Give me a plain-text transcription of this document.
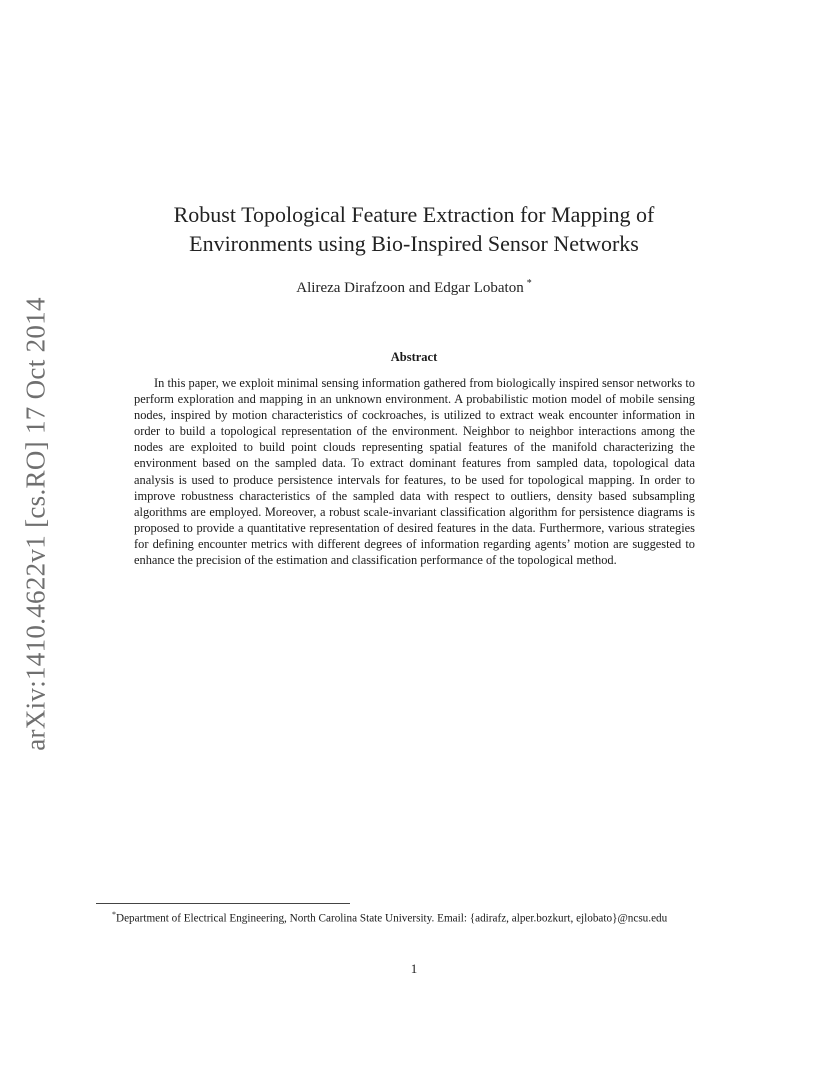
arXiv:1410.4622v1 [cs.RO] 17 Oct 2014
Robust Topological Feature Extraction for Mapping of
Environments using Bio-Inspired Sensor Networks
Alireza Dirafzoon and Edgar Lobaton *
Abstract
In this paper, we exploit minimal sensing information gathered from biologically inspired sensor networks to perform exploration and mapping in an unknown environment. A probabilistic motion model of mobile sensing nodes, inspired by motion characteristics of cockroaches, is utilized to extract weak encounter information in order to build a topological representation of the environment. Neighbor to neighbor interactions among the nodes are exploited to build point clouds representing spatial features of the manifold characterizing the environment based on the sampled data. To extract dominant features from sampled data, topological data analysis is used to produce persistence intervals for features, to be used for topological mapping. In order to improve robustness characteristics of the sampled data with respect to outliers, density based subsampling algorithms are employed. Moreover, a robust scale-invariant classification algorithm for persistence diagrams is proposed to provide a quantitative representation of desired features in the data. Furthermore, various strategies for defining encounter metrics with different degrees of information regarding agents’ motion are suggested to enhance the precision of the estimation and classification performance of the topological method.
*Department of Electrical Engineering, North Carolina State University. Email: {adirafz, alper.bozkurt, ejlobato}@ncsu.edu
1
